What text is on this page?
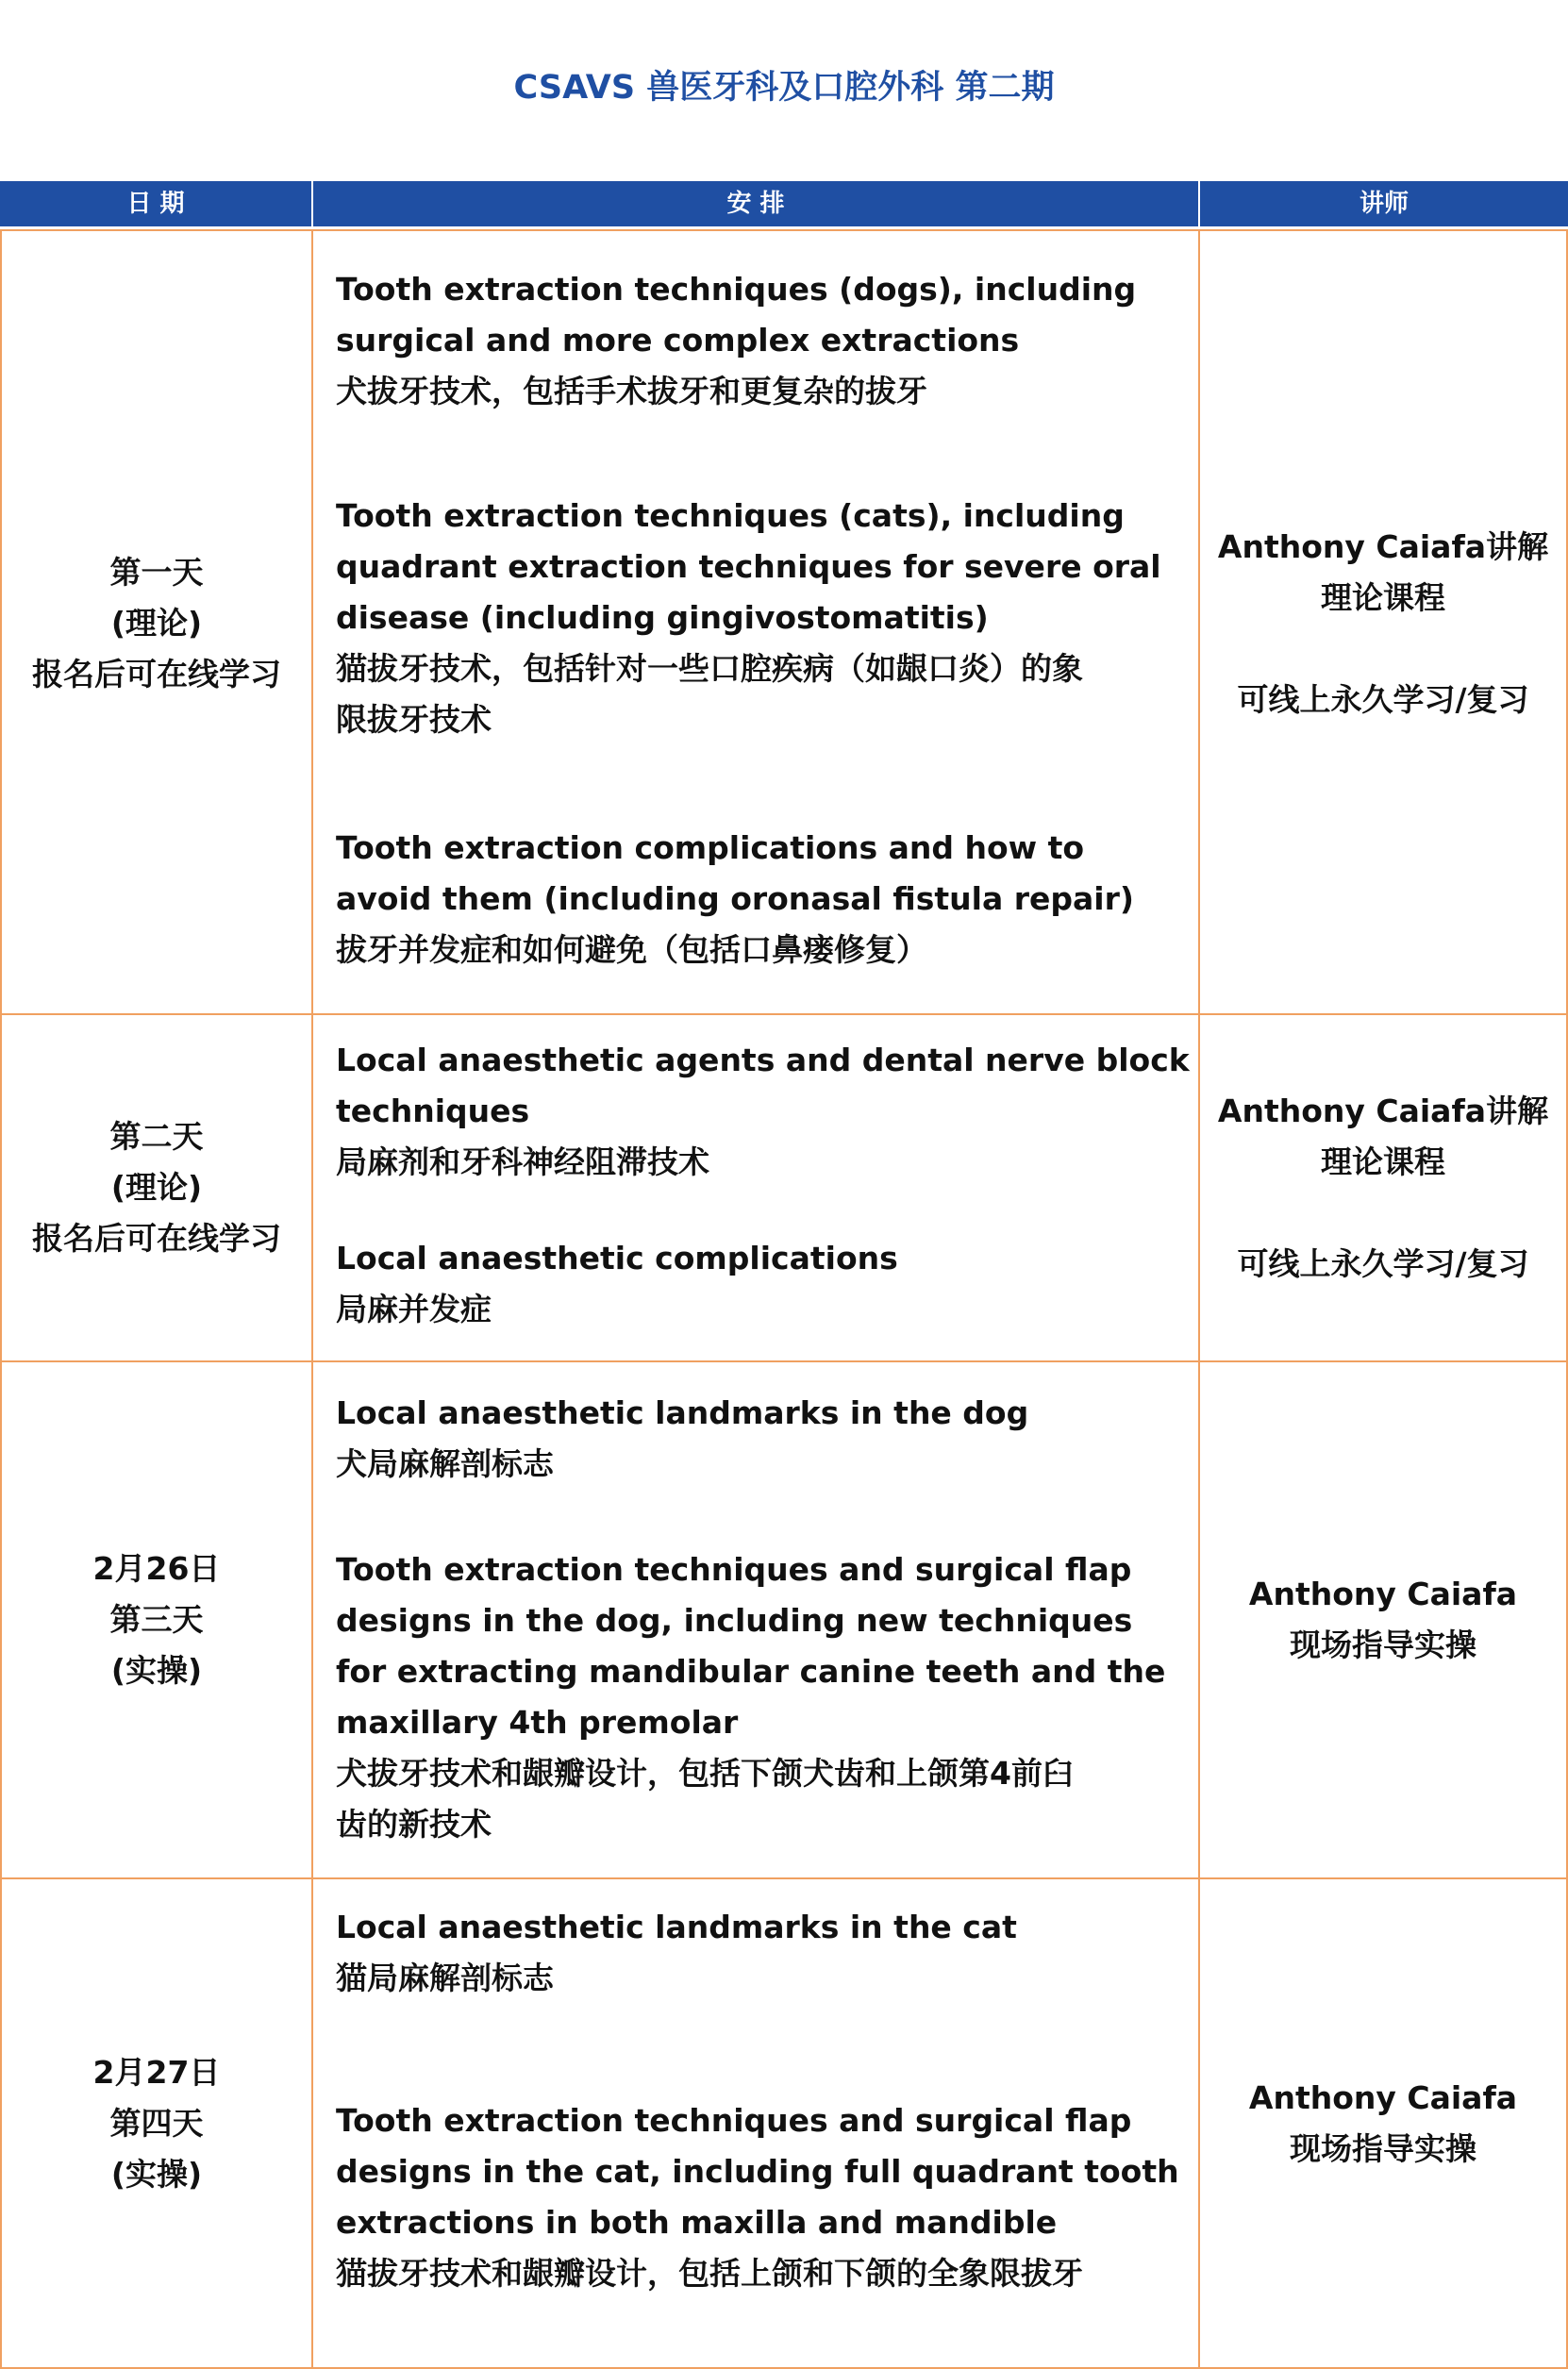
CSAVS 兽医牙科及口腔外科 第二期
日 期	安 排	讲师
第一天
(理论)
报名后可在线学习
Tooth extraction techniques (dogs), including
surgical and more complex extractions
犬拔牙技术，包括手术拔牙和更复杂的拔牙
Tooth extraction techniques (cats), including
quadrant extraction techniques for severe oral
disease (including gingivostomatitis)
猫拔牙技术，包括针对一些口腔疾病（如龈口炎）的象
限拔牙技术
Tooth extraction complications and how to
avoid them (including oronasal fistula repair)
拔牙并发症和如何避免（包括口鼻瘘修复）
Anthony Caiafa讲解
理论课程
可线上永久学习/复习
第二天
(理论)
报名后可在线学习
Local anaesthetic agents and dental nerve block
techniques
局麻剂和牙科神经阻滞技术
Local anaesthetic complications
局麻并发症
Anthony Caiafa讲解
理论课程
可线上永久学习/复习
2月26日
第三天
(实操)
Local anaesthetic landmarks in the dog
犬局麻解剖标志
Tooth extraction techniques and surgical flap
designs in the dog, including new techniques
for extracting mandibular canine teeth and the
maxillary 4th premolar
犬拔牙技术和龈瓣设计，包括下颌犬齿和上颌第4前臼
齿的新技术
Anthony Caiafa
现场指导实操
2月27日
第四天
(实操)
Local anaesthetic landmarks in the cat
猫局麻解剖标志
Tooth extraction techniques and surgical flap
designs in the cat, including full quadrant tooth
extractions in both maxilla and mandible
猫拔牙技术和龈瓣设计，包括上颌和下颌的全象限拔牙
Anthony Caiafa
现场指导实操
